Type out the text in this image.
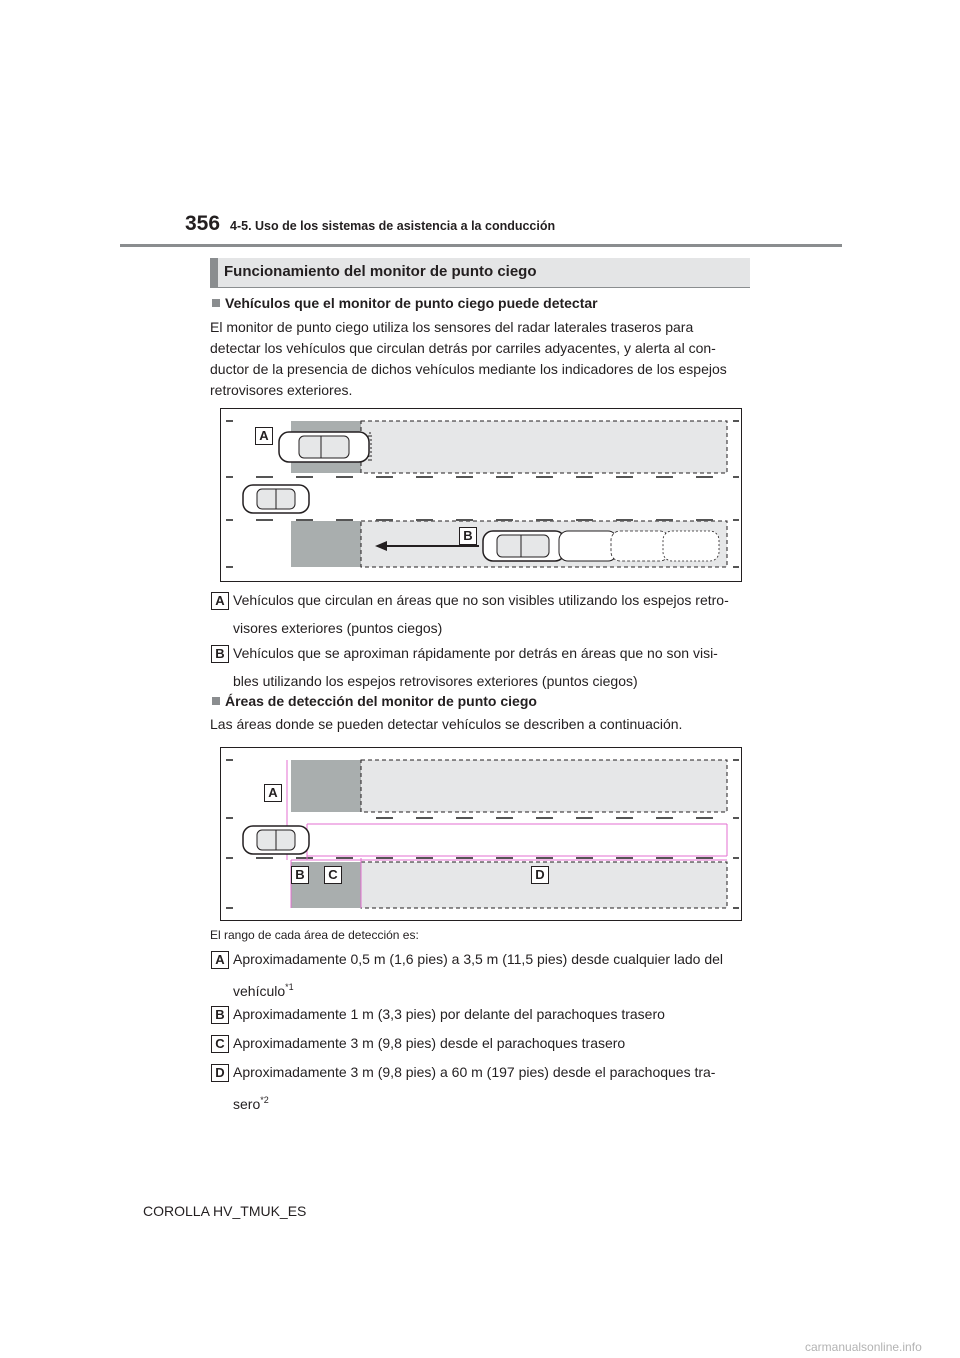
356 4-5. Uso de los sistemas de asistencia a la conducción
Funcionamiento del monitor de punto ciego
Vehículos que el monitor de punto ciego puede detectar
El monitor de punto ciego utiliza los sensores del radar laterales traseros para
detectar los vehículos que circulan detrás por carriles adyacentes, y alerta al con-
ductor de la presencia de dichos vehículos mediante los indicadores de los espejos
retrovisores exteriores.
A
B
A Vehículos que circulan en áreas que no son visibles utilizando los espejos retro-
visores exteriores (puntos ciegos)
B Vehículos que se aproximan rápidamente por detrás en áreas que no son visi-
bles utilizando los espejos retrovisores exteriores (puntos ciegos)
Áreas de detección del monitor de punto ciego
Las áreas donde se pueden detectar vehículos se describen a continuación.
A
B	C	D
El rango de cada área de detección es:
A Aproximadamente 0,5 m (1,6 pies) a 3,5 m (11,5 pies) desde cualquier lado del
vehículo$^{*1}$
B Aproximadamente 1 m (3,3 pies) por delante del parachoques trasero
C Aproximadamente 3 m (9,8 pies) desde el parachoques trasero
D Aproximadamente 3 m (9,8 pies) a 60 m (197 pies) desde el parachoques tra-
sero$^{*2}$
COROLLA HV_TMUK_ES
carmanualsonline.info
